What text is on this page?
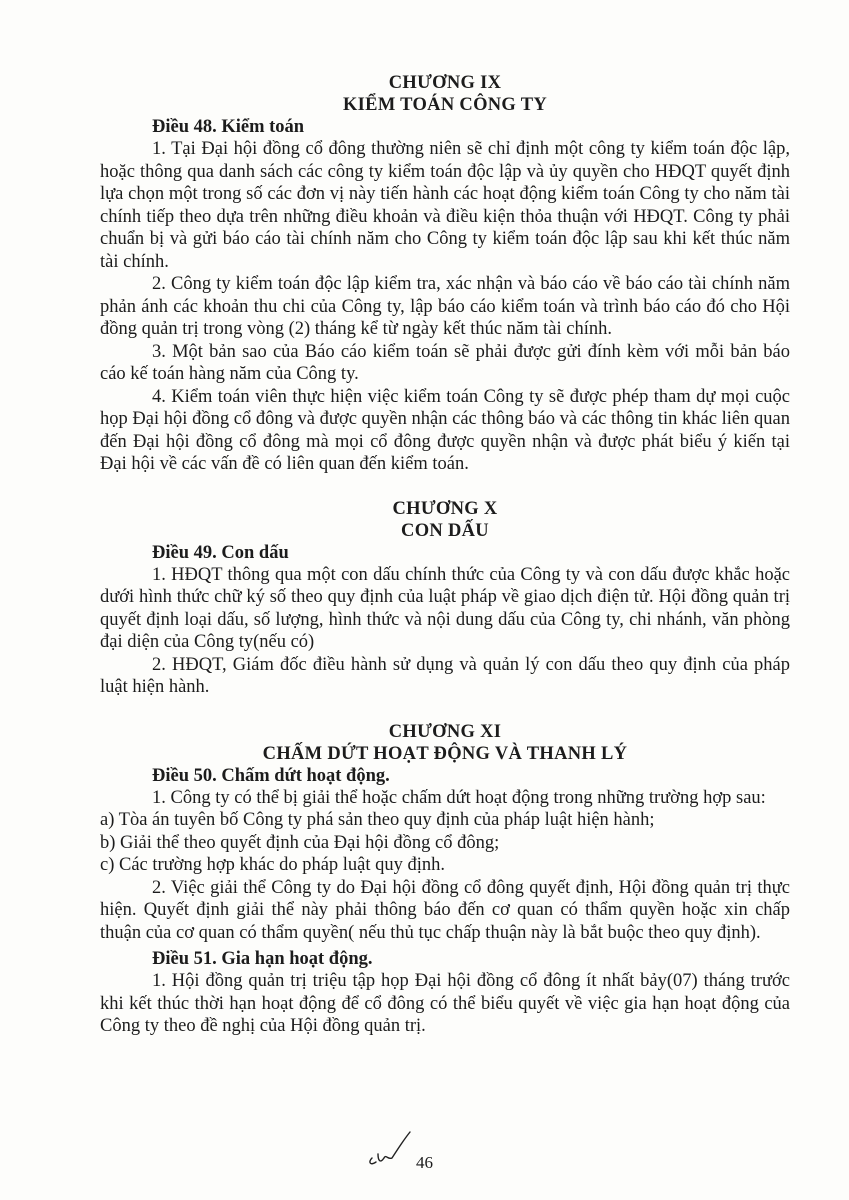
CHƯƠNG IX
KIỂM TOÁN CÔNG TY
Điều 48. Kiểm toán

1. Tại Đại hội đồng cổ đông thường niên sẽ chỉ định một công ty kiểm toán độc lập, hoặc thông qua danh sách các công ty kiểm toán độc lập và ủy quyền cho HĐQT quyết định lựa chọn một trong số các đơn vị này tiến hành các hoạt động kiểm toán Công ty cho năm tài chính tiếp theo dựa trên những điều khoản và điều kiện thỏa thuận với HĐQT. Công ty phải chuẩn bị và gửi báo cáo tài chính năm cho Công ty kiểm toán độc lập sau khi kết thúc năm tài chính.

2. Công ty kiểm toán độc lập kiểm tra, xác nhận và báo cáo về báo cáo tài chính năm phản ánh các khoản thu chi của Công ty, lập báo cáo kiểm toán và trình báo cáo đó cho Hội đồng quản trị trong vòng (2) tháng kể từ ngày kết thúc năm tài chính.

3. Một bản sao của Báo cáo kiểm toán sẽ phải được gửi đính kèm với mỗi bản báo cáo kế toán hàng năm của Công ty.

4. Kiểm toán viên thực hiện việc kiểm toán Công ty sẽ được phép tham dự mọi cuộc họp Đại hội đồng cổ đông và được quyền nhận các thông báo và các thông tin khác liên quan đến Đại hội đồng cổ đông mà mọi cổ đông được quyền nhận và được phát biểu ý kiến tại Đại hội về các vấn đề có liên quan đến kiểm toán.

CHƯƠNG X
CON DẤU
Điều 49. Con dấu

1. HĐQT thông qua một con dấu chính thức của Công ty và con dấu được khắc hoặc dưới hình thức chữ ký số theo quy định của luật pháp về giao dịch điện tử. Hội đồng quản trị quyết định loại dấu, số lượng, hình thức và nội dung dấu của Công ty, chi nhánh, văn phòng đại diện của Công ty(nếu có)

2. HĐQT, Giám đốc điều hành sử dụng và quản lý con dấu theo quy định của pháp luật hiện hành.

CHƯƠNG XI
CHẤM DỨT HOẠT ĐỘNG VÀ THANH LÝ
Điều 50. Chấm dứt hoạt động.

1. Công ty có thể bị giải thể hoặc chấm dứt hoạt động trong những trường hợp sau:

a) Tòa án tuyên bố Công ty phá sản theo quy định của pháp luật hiện hành;

b) Giải thể theo quyết định của Đại hội đồng cổ đông;

c) Các trường hợp khác do pháp luật quy định.

2. Việc giải thể Công ty do Đại hội đồng cổ đông quyết định, Hội đồng quản trị thực hiện. Quyết định giải thể này phải thông báo đến cơ quan có thẩm quyền hoặc xin chấp thuận của cơ quan có thẩm quyền( nếu thủ tục chấp thuận này là bắt buộc theo quy định).

Điều 51. Gia hạn hoạt động.

1. Hội đồng quản trị triệu tập họp Đại hội đồng cổ đông ít nhất bảy(07) tháng trước khi kết thúc thời hạn hoạt động để cổ đông có thể biểu quyết về việc gia hạn hoạt động của Công ty theo đề nghị của Hội đồng quản trị.

46
